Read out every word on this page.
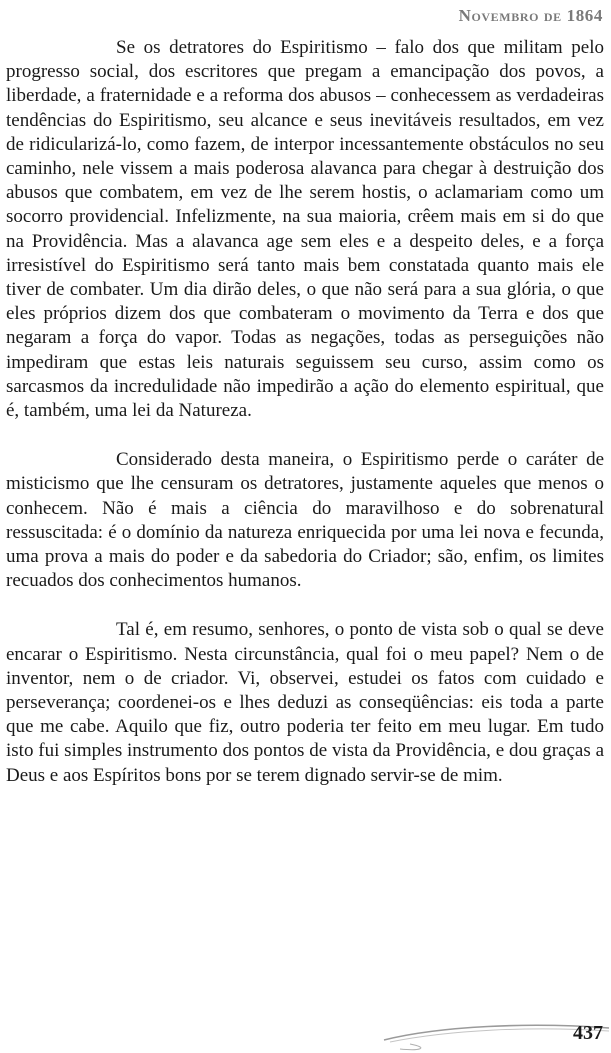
Novembro de 1864

Se os detratores do Espiritismo – falo dos que militam pelo progresso social, dos escritores que pregam a emancipação dos povos, a liberdade, a fraternidade e a reforma dos abusos – conhecessem as verdadeiras tendências do Espiritismo, seu alcance e seus inevitáveis resultados, em vez de ridicularizá-lo, como fazem, de interpor incessantemente obstáculos no seu caminho, nele vissem a mais poderosa alavanca para chegar à destruição dos abusos que combatem, em vez de lhe serem hostis, o aclamariam como um socorro providencial. Infelizmente, na sua maioria, crêem mais em si do que na Providência. Mas a alavanca age sem eles e a despeito deles, e a força irresistível do Espiritismo será tanto mais bem constatada quanto mais ele tiver de combater. Um dia dirão deles, o que não será para a sua glória, o que eles próprios dizem dos que combateram o movimento da Terra e dos que negaram a força do vapor. Todas as negações, todas as perseguições não impediram que estas leis naturais seguissem seu curso, assim como os sarcasmos da incredulidade não impedirão a ação do elemento espiritual, que é, também, uma lei da Natureza.

Considerado desta maneira, o Espiritismo perde o caráter de misticismo que lhe censuram os detratores, justamente aqueles que menos o conhecem. Não é mais a ciência do maravilhoso e do sobrenatural ressuscitada: é o domínio da natureza enriquecida por uma lei nova e fecunda, uma prova a mais do poder e da sabedoria do Criador; são, enfim, os limites recuados dos conhecimentos humanos.

Tal é, em resumo, senhores, o ponto de vista sob o qual se deve encarar o Espiritismo. Nesta circunstância, qual foi o meu papel? Nem o de inventor, nem o de criador. Vi, observei, estudei os fatos com cuidado e perseverança; coordenei-os e lhes deduzi as conseqüências: eis toda a parte que me cabe. Aquilo que fiz, outro poderia ter feito em meu lugar. Em tudo isto fui simples instrumento dos pontos de vista da Providência, e dou graças a Deus e aos Espíritos bons por se terem dignado servir-se de mim.

437
